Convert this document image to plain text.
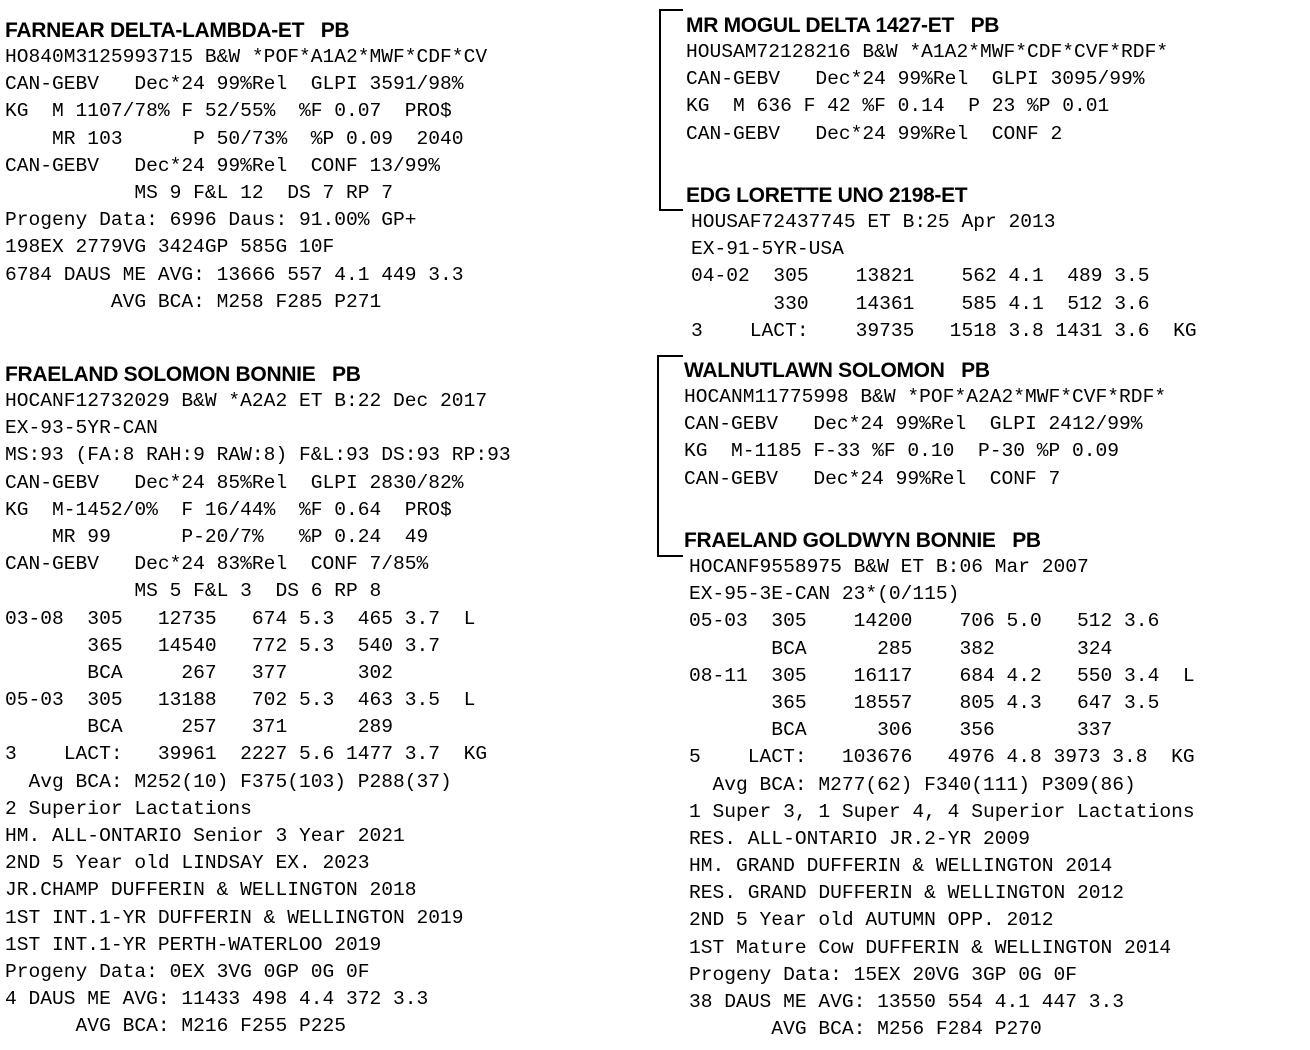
FARNEAR DELTA-LAMBDA-ET   PB
HO840M3125993715 B&W *POF*A1A2*MWF*CDF*CV
CAN-GEBV   Dec*24 99%Rel  GLPI 3591/98%
KG  M 1107/78% F 52/55%  %F 0.07  PRO$
MR 103      P 50/73%  %P 0.09  2040
CAN-GEBV   Dec*24 99%Rel  CONF 13/99%
MS 9 F&L 12  DS 7 RP 7
Progeny Data: 6996 Daus: 91.00% GP+
198EX 2779VG 3424GP 585G 10F
6784 DAUS ME AVG: 13666 557 4.1 449 3.3
AVG BCA: M258 F285 P271
FRAELAND SOLOMON BONNIE   PB
HOCANF12732029 B&W *A2A2 ET B:22 Dec 2017
EX-93-5YR-CAN
MS:93 (FA:8 RAH:9 RAW:8) F&L:93 DS:93 RP:93
CAN-GEBV   Dec*24 85%Rel  GLPI 2830/82%
KG  M-1452/0%  F 16/44%  %F 0.64  PRO$
MR 99      P-20/7%   %P 0.24  49
CAN-GEBV   Dec*24 83%Rel  CONF 7/85%
MS 5 F&L 3  DS 6 RP 8
03-08  305   12735   674 5.3  465 3.7  L
365   14540   772 5.3  540 3.7
BCA     267   377      302
05-03  305   13188   702 5.3  463 3.5  L
BCA     257   371      289
3    LACT:   39961  2227 5.6 1477 3.7  KG
Avg BCA: M252(10) F375(103) P288(37)
2 Superior Lactations
HM. ALL-ONTARIO Senior 3 Year 2021
2ND 5 Year old LINDSAY EX. 2023
JR.CHAMP DUFFERIN & WELLINGTON 2018
1ST INT.1-YR DUFFERIN & WELLINGTON 2019
1ST INT.1-YR PERTH-WATERLOO 2019
Progeny Data: 0EX 3VG 0GP 0G 0F
4 DAUS ME AVG: 11433 498 4.4 372 3.3
AVG BCA: M216 F255 P225
MR MOGUL DELTA 1427-ET   PB
HOUSAM72128216 B&W *A1A2*MWF*CDF*CVF*RDF*
CAN-GEBV   Dec*24 99%Rel  GLPI 3095/99%
KG  M 636 F 42 %F 0.14  P 23 %P 0.01
CAN-GEBV   Dec*24 99%Rel  CONF 2
EDG LORETTE UNO 2198-ET
HOUSAF72437745 ET B:25 Apr 2013
EX-91-5YR-USA
04-02  305    13821    562 4.1  489 3.5
330    14361    585 4.1  512 3.6
3    LACT:    39735   1518 3.8 1431 3.6  KG
WALNUTLAWN SOLOMON   PB
HOCANM11775998 B&W *POF*A2A2*MWF*CVF*RDF*
CAN-GEBV   Dec*24 99%Rel  GLPI 2412/99%
KG  M-1185 F-33 %F 0.10  P-30 %P 0.09
CAN-GEBV   Dec*24 99%Rel  CONF 7
FRAELAND GOLDWYN BONNIE   PB
HOCANF9558975 B&W ET B:06 Mar 2007
EX-95-3E-CAN 23*(0/115)
05-03  305    14200    706 5.0   512 3.6
BCA      285    382       324
08-11  305    16117    684 4.2   550 3.4  L
365    18557    805 4.3   647 3.5
BCA      306    356       337
5    LACT:   103676   4976 4.8 3973 3.8  KG
Avg BCA: M277(62) F340(111) P309(86)
1 Super 3, 1 Super 4, 4 Superior Lactations
RES. ALL-ONTARIO JR.2-YR 2009
HM. GRAND DUFFERIN & WELLINGTON 2014
RES. GRAND DUFFERIN & WELLINGTON 2012
2ND 5 Year old AUTUMN OPP. 2012
1ST Mature Cow DUFFERIN & WELLINGTON 2014
Progeny Data: 15EX 20VG 3GP 0G 0F
38 DAUS ME AVG: 13550 554 4.1 447 3.3
AVG BCA: M256 F284 P270
